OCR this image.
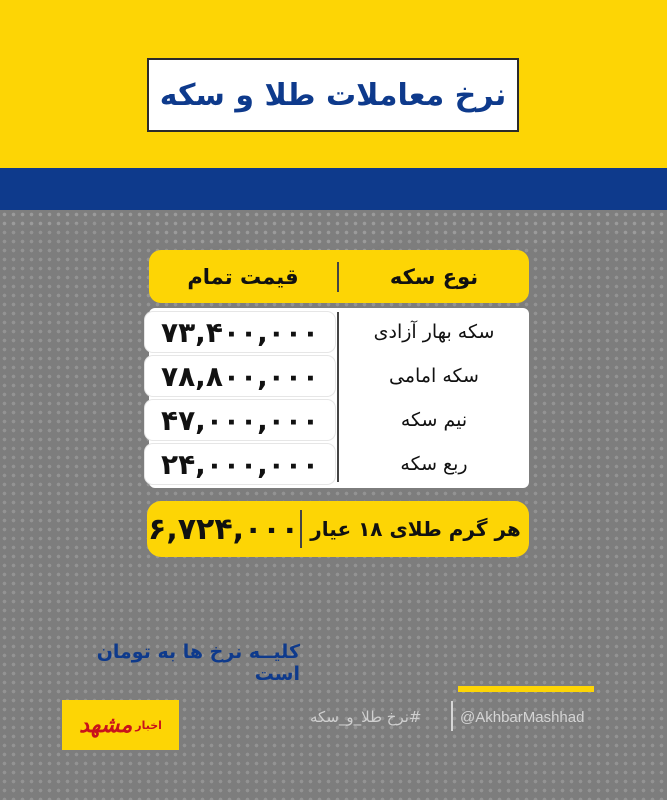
نرخ معاملات طلا و سکه
قیمت تمام	نوع سکه
۷۳,۴۰۰,۰۰۰	سکه بهار آزادی
۷۸,۸۰۰,۰۰۰	سکه امامی
۴۷,۰۰۰,۰۰۰	نیم سکه
۲۴,۰۰۰,۰۰۰	ربع سکه
۶,۷۲۴,۰۰۰ هر گرم طلای ۱۸ عیار
کلیــه نرخ ها به تومان است
اخبار
مشهد	#نرخ طلا_و_سکه	@AkhbarMashhad
